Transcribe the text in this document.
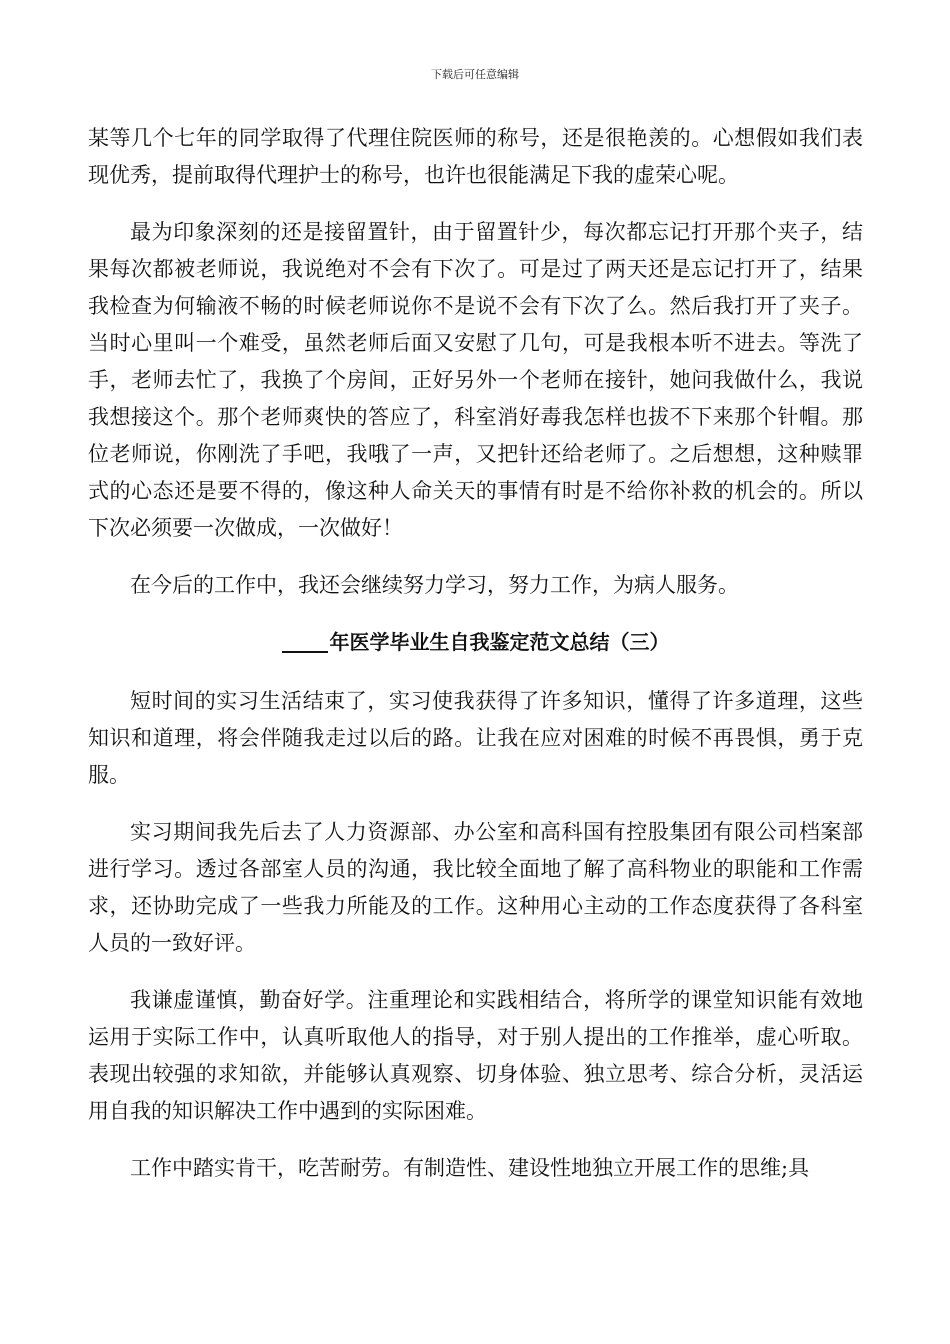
下载后可任意编辑

某等几个七年的同学取得了代理住院医师的称号，还是很艳羡的。心想假如我们表现优秀，提前取得代理护士的称号，也许也很能满足下我的虚荣心呢。

最为印象深刻的还是接留置针，由于留置针少，每次都忘记打开那个夹子，结果每次都被老师说，我说绝对不会有下次了。可是过了两天还是忘记打开了，结果我检查为何输液不畅的时候老师说你不是说不会有下次了么。然后我打开了夹子。当时心里叫一个难受，虽然老师后面又安慰了几句，可是我根本听不进去。等洗了手，老师去忙了，我换了个房间，正好另外一个老师在接针，她问我做什么，我说我想接这个。那个老师爽快的答应了，科室消好毒我怎样也拔不下来那个针帽。那位老师说，你刚洗了手吧，我哦了一声，又把针还给老师了。之后想想，这种赎罪式的心态还是要不得的，像这种人命关天的事情有时是不给你补救的机会的。所以下次必须要一次做成，一次做好！

在今后的工作中，我还会继续努力学习，努力工作，为病人服务。

年医学毕业生自我鉴定范文总结（三）

短时间的实习生活结束了，实习使我获得了许多知识，懂得了许多道理，这些知识和道理，将会伴随我走过以后的路。让我在应对困难的时候不再畏惧，勇于克服。

实习期间我先后去了人力资源部、办公室和高科国有控股集团有限公司档案部进行学习。透过各部室人员的沟通，我比较全面地了解了高科物业的职能和工作需求，还协助完成了一些我力所能及的工作。这种用心主动的工作态度获得了各科室人员的一致好评。

我谦虚谨慎，勤奋好学。注重理论和实践相结合，将所学的课堂知识能有效地运用于实际工作中，认真听取他人的指导，对于别人提出的工作推举，虚心听取。表现出较强的求知欲，并能够认真观察、切身体验、独立思考、综合分析，灵活运用自我的知识解决工作中遇到的实际困难。

工作中踏实肯干，吃苦耐劳。有制造性、建设性地独立开展工作的思维;具
